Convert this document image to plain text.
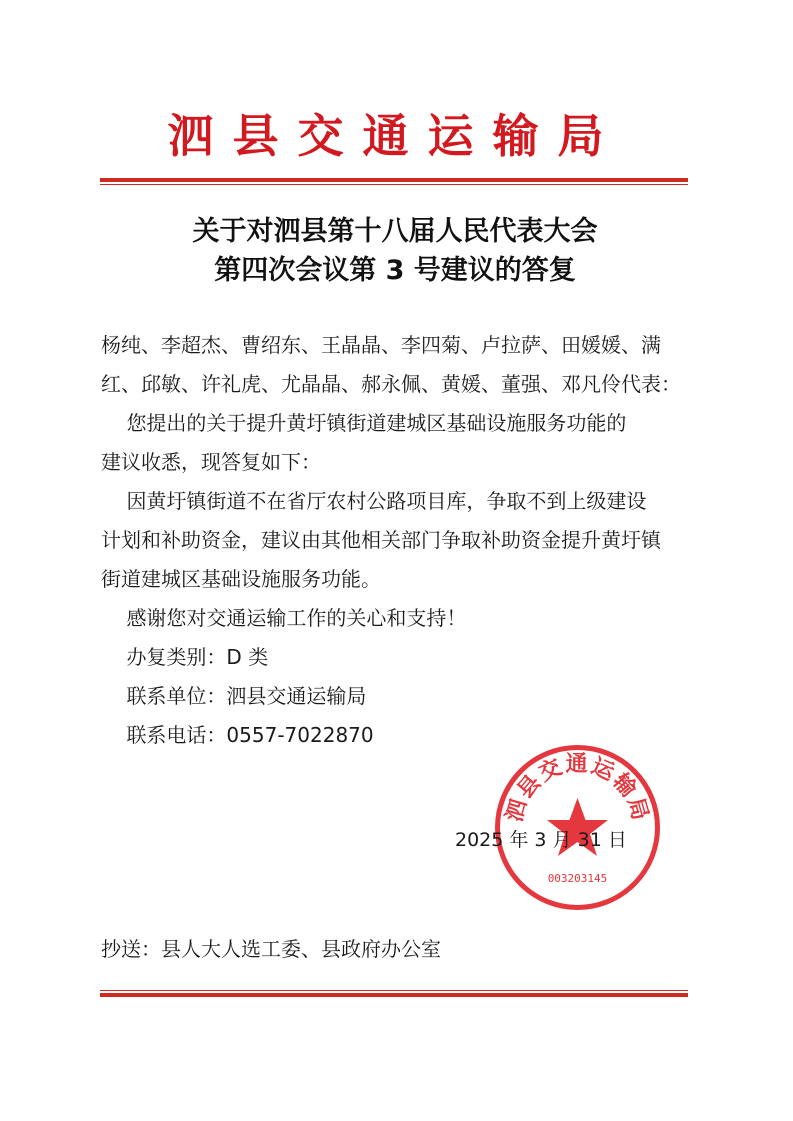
泗县交通运输局
关于对泗县第十八届人民代表大会
第四次会议第 3 号建议的答复

杨纯、李超杰、曹绍东、王晶晶、李四菊、卢拉萨、田媛媛、满

红、邱敏、许礼虎、尤晶晶、郝永佩、黄媛、董强、邓凡伶代表：

您提出的关于提升黄圩镇街道建城区基础设施服务功能的

建议收悉，现答复如下：

因黄圩镇街道不在省厅农村公路项目库，争取不到上级建设

计划和补助资金，建议由其他相关部门争取补助资金提升黄圩镇

街道建城区基础设施服务功能。

感谢您对交通运输工作的关心和支持！

办复类别：D 类

联系单位：泗县交通运输局

联系电话：0557-7022870

泗县交通运输局
003203145
2025 年 3 月 31 日
抄送：县人大人选工委、县政府办公室
